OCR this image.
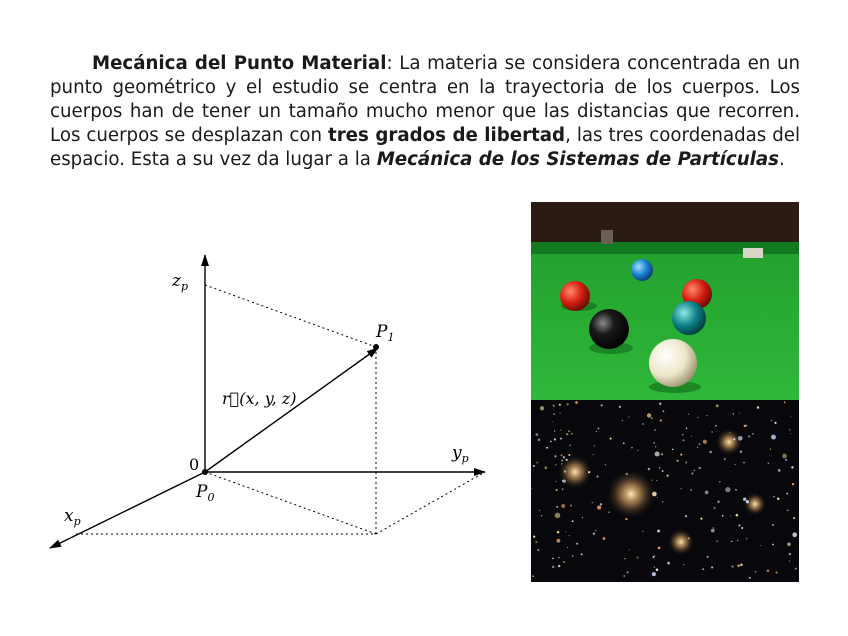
Mecánica del Punto Material: La materia se considera concentrada en un punto geométrico y el estudio se centra en la trayectoria de los cuerpos. Los cuerpos han de tener un tamaño mucho menor que las distancias que recorren. Los cuerpos se desplazan con tres grados de libertad, las tres coordenadas del espacio. Esta a su vez da lugar a la Mecánica de los Sistemas de Partículas.

$z_p$
$y_p$
$x_p$
0
$P_0$
$P_1$
r⃗(x, y, z)
